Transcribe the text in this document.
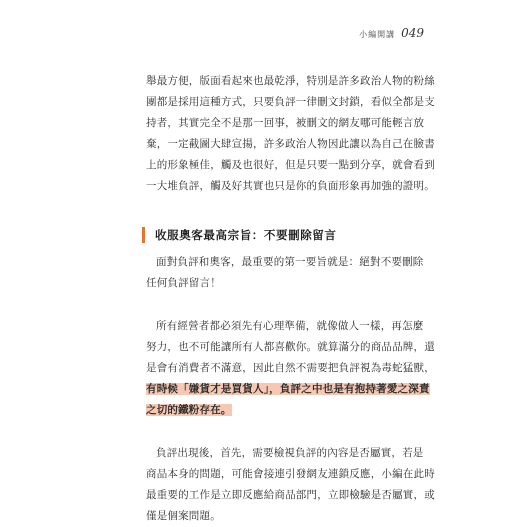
小編開講 049
舉最方便，版面看起來也最乾淨，特別是許多政治人物的粉絲
團都是採用這種方式，只要負評一律刪文封鎖，看似全都是支
持者，其實完全不是那一回事，被刪文的網友哪可能輕言放
棄，一定截圖大肆宣揚，許多政治人物因此讓以為自己在臉書
上的形象極佳，觸及也很好，但是只要一點到分享，就會看到
一大堆負評，觸及好其實也只是你的負面形象再加強的證明。
收服奧客最高宗旨：不要刪除留言
面對負評和奧客，最重要的第一要旨就是：絕對不要刪除
任何負評留言！
所有經營者都必須先有心理準備，就像做人一樣，再怎麼
努力，也不可能讓所有人都喜歡你。就算滿分的商品品牌，還
是會有消費者不滿意，因此自然不需要把負評視為毒蛇猛獸，
有時候「嫌貨才是買貨人」，負評之中也是有抱持著愛之深責
之切的鐵粉存在。
負評出現後，首先，需要檢視負評的內容是否屬實，若是
商品本身的問題，可能會接連引發網友連鎖反應，小編在此時
最重要的工作是立即反應給商品部門，立即檢驗是否屬實，或
僅是個案問題。
